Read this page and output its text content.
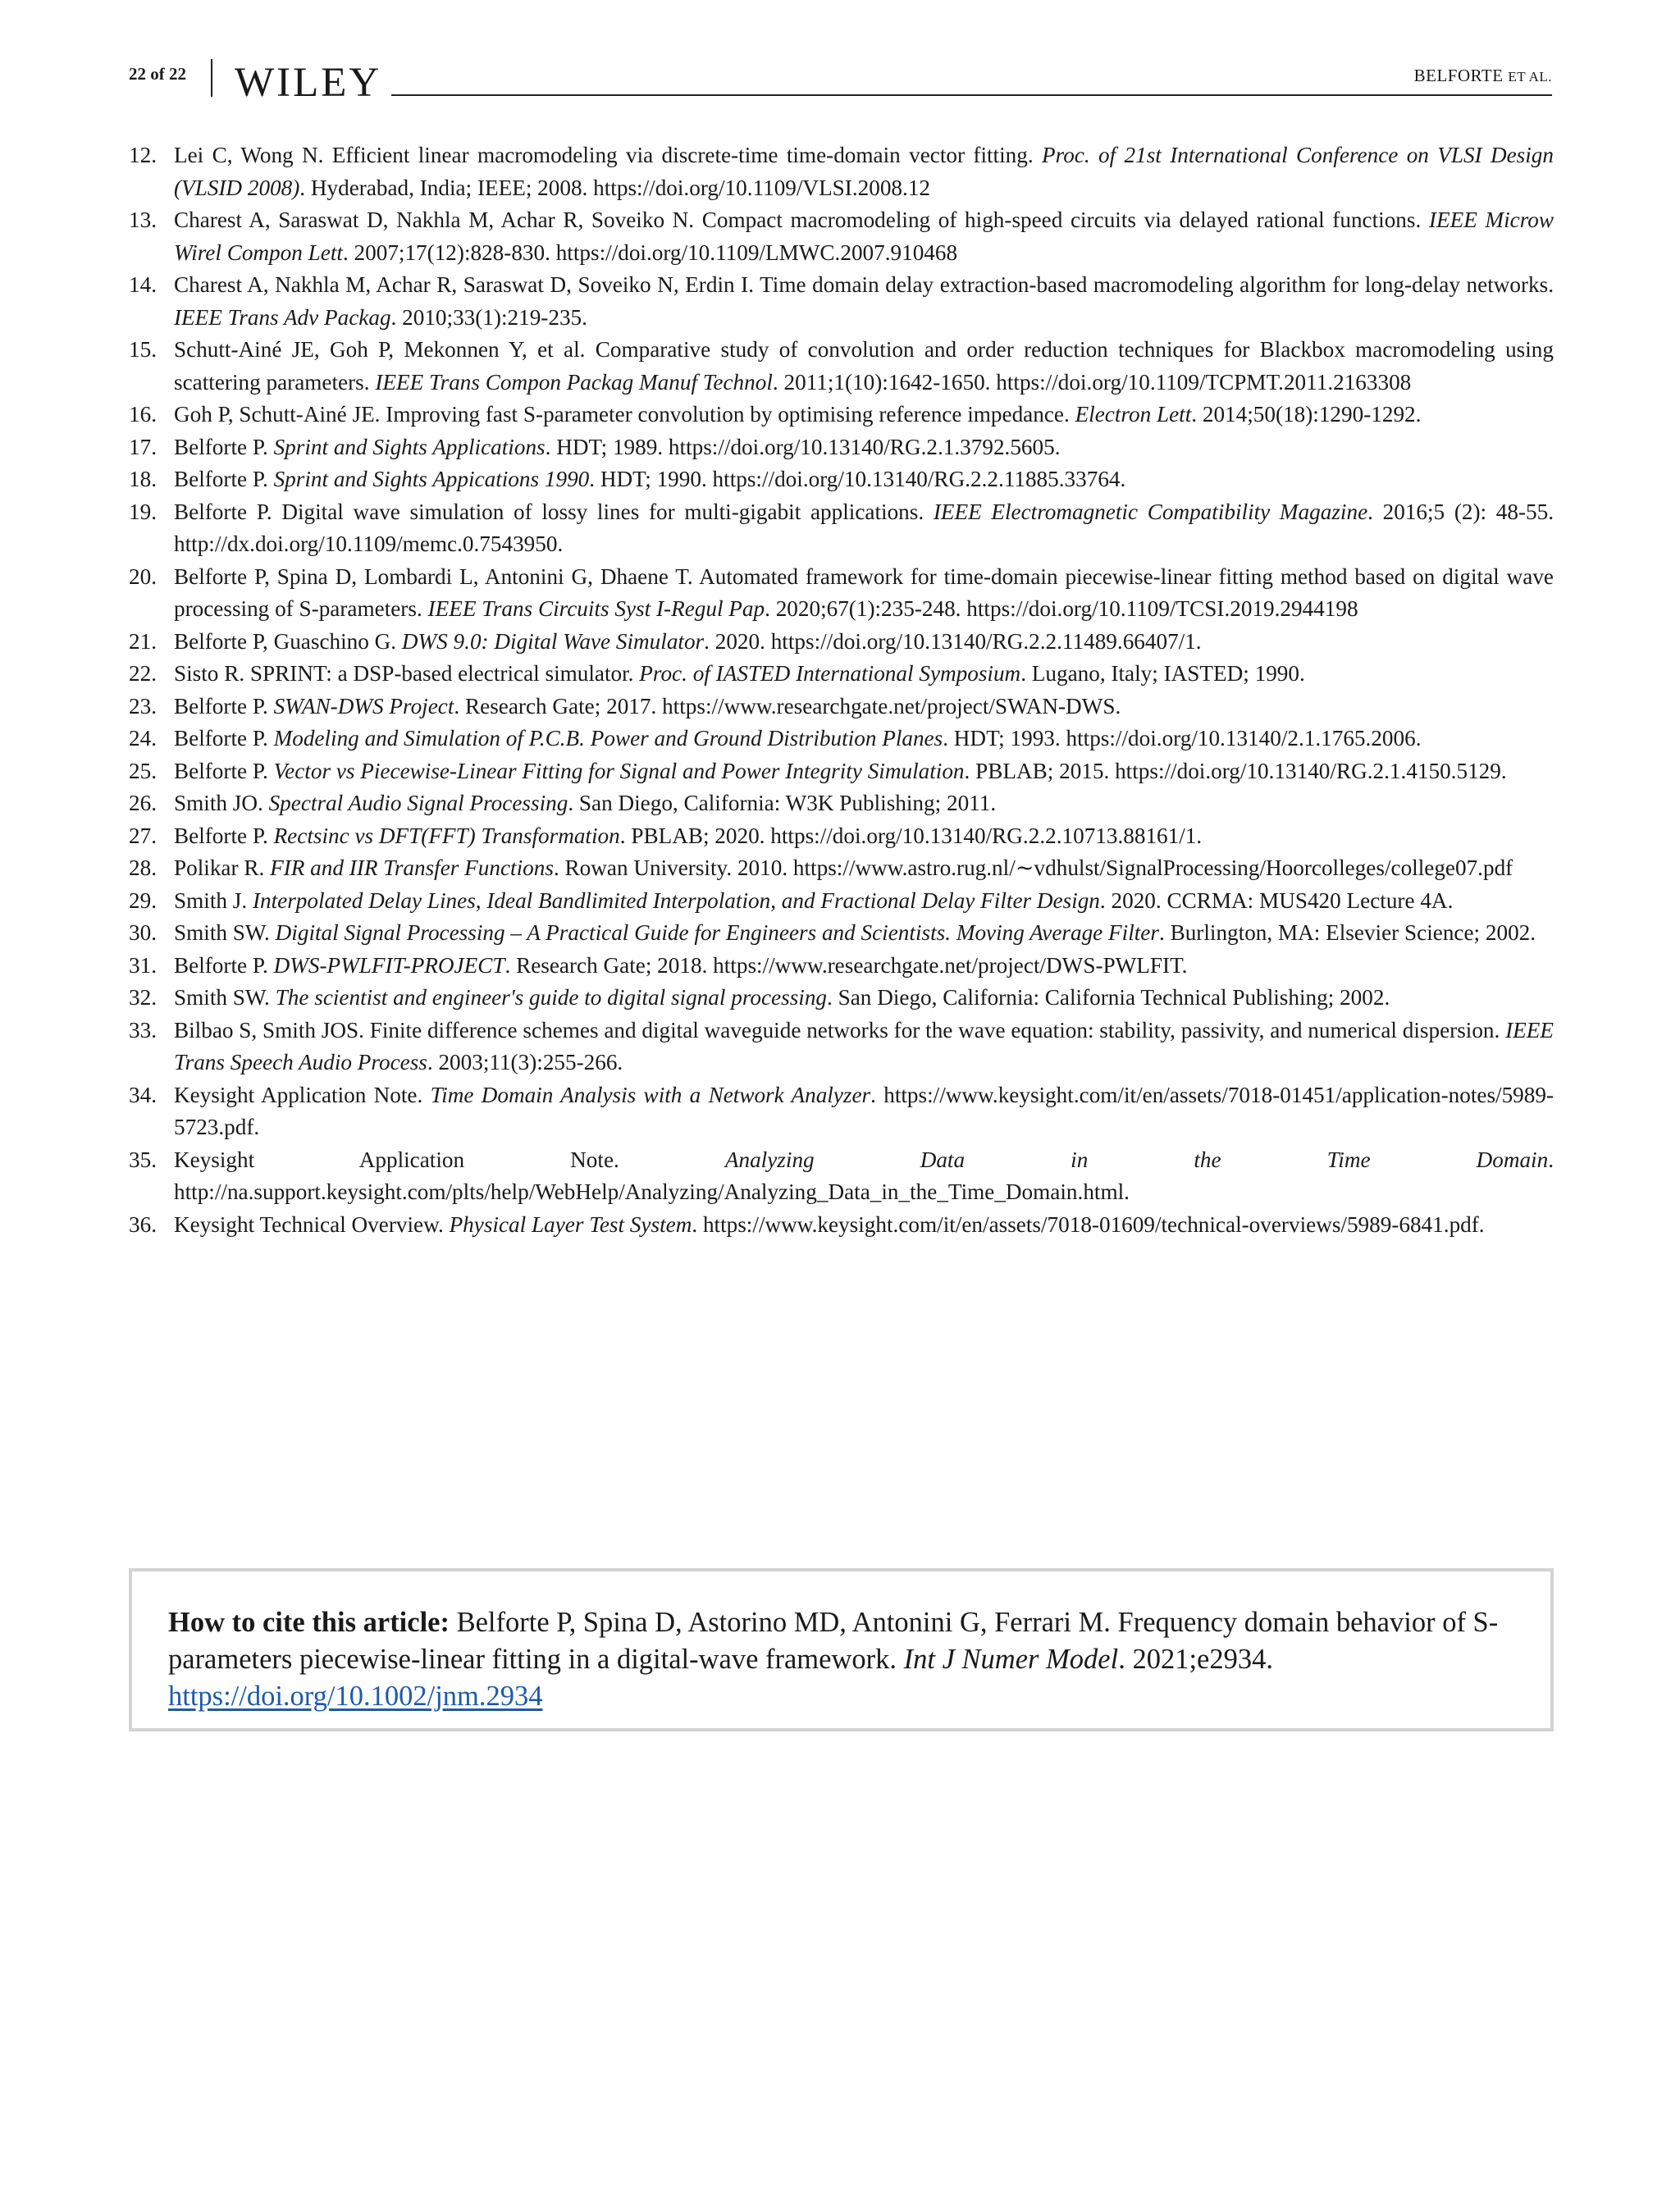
22 of 22 WILEY	BELFORTE ET AL.
12. Lei C, Wong N. Efficient linear macromodeling via discrete-time time-domain vector fitting. Proc. of 21st International Conference on VLSI Design (VLSID 2008). Hyderabad, India; IEEE; 2008. https://doi.org/10.1109/VLSI.2008.12
13. Charest A, Saraswat D, Nakhla M, Achar R, Soveiko N. Compact macromodeling of high-speed circuits via delayed rational functions. IEEE Microw Wirel Compon Lett. 2007;17(12):828-830. https://doi.org/10.1109/LMWC.2007.910468
14. Charest A, Nakhla M, Achar R, Saraswat D, Soveiko N, Erdin I. Time domain delay extraction-based macromodeling algorithm for long-delay networks. IEEE Trans Adv Packag. 2010;33(1):219-235.
15. Schutt-Ainé JE, Goh P, Mekonnen Y, et al. Comparative study of convolution and order reduction techniques for Blackbox macromodeling using scattering parameters. IEEE Trans Compon Packag Manuf Technol. 2011;1(10):1642-1650. https://doi.org/10.1109/TCPMT.2011.2163308
16. Goh P, Schutt-Ainé JE. Improving fast S-parameter convolution by optimising reference impedance. Electron Lett. 2014;50(18):1290-1292.
17. Belforte P. Sprint and Sights Applications. HDT; 1989. https://doi.org/10.13140/RG.2.1.3792.5605.
18. Belforte P. Sprint and Sights Appications 1990. HDT; 1990. https://doi.org/10.13140/RG.2.2.11885.33764.
19. Belforte P. Digital wave simulation of lossy lines for multi-gigabit applications. IEEE Electromagnetic Compatibility Magazine. 2016;5 (2): 48-55. http://dx.doi.org/10.1109/memc.0.7543950.
20. Belforte P, Spina D, Lombardi L, Antonini G, Dhaene T. Automated framework for time-domain piecewise-linear fitting method based on digital wave processing of S-parameters. IEEE Trans Circuits Syst I-Regul Pap. 2020;67(1):235-248. https://doi.org/10.1109/TCSI.2019.2944198
21. Belforte P, Guaschino G. DWS 9.0: Digital Wave Simulator. 2020. https://doi.org/10.13140/RG.2.2.11489.66407/1.
22. Sisto R. SPRINT: a DSP-based electrical simulator. Proc. of IASTED International Symposium. Lugano, Italy; IASTED; 1990.
23. Belforte P. SWAN-DWS Project. Research Gate; 2017. https://www.researchgate.net/project/SWAN-DWS.
24. Belforte P. Modeling and Simulation of P.C.B. Power and Ground Distribution Planes. HDT; 1993. https://doi.org/10.13140/2.1.1765.2006.
25. Belforte P. Vector vs Piecewise-Linear Fitting for Signal and Power Integrity Simulation. PBLAB; 2015. https://doi.org/10.13140/RG.2.1.4150.5129.
26. Smith JO. Spectral Audio Signal Processing. San Diego, California: W3K Publishing; 2011.
27. Belforte P. Rectsinc vs DFT(FFT) Transformation. PBLAB; 2020. https://doi.org/10.13140/RG.2.2.10713.88161/1.
28. Polikar R. FIR and IIR Transfer Functions. Rowan University. 2010. https://www.astro.rug.nl/∼vdhulst/SignalProcessing/Hoorcolleges/college07.pdf
29. Smith J. Interpolated Delay Lines, Ideal Bandlimited Interpolation, and Fractional Delay Filter Design. 2020. CCRMA: MUS420 Lecture 4A.
30. Smith SW. Digital Signal Processing – A Practical Guide for Engineers and Scientists. Moving Average Filter. Burlington, MA: Elsevier Science; 2002.
31. Belforte P. DWS-PWLFIT-PROJECT. Research Gate; 2018. https://www.researchgate.net/project/DWS-PWLFIT.
32. Smith SW. The scientist and engineer's guide to digital signal processing. San Diego, California: California Technical Publishing; 2002.
33. Bilbao S, Smith JOS. Finite difference schemes and digital waveguide networks for the wave equation: stability, passivity, and numerical dispersion. IEEE Trans Speech Audio Process. 2003;11(3):255-266.
34. Keysight Application Note. Time Domain Analysis with a Network Analyzer. https://www.keysight.com/it/en/assets/7018-01451/application-notes/5989-5723.pdf.
35. Keysight Application Note. Analyzing Data in the Time Domain. http://na.support.keysight.com/plts/help/WebHelp/Analyzing/Analyzing_Data_in_the_Time_Domain.html.
36. Keysight Technical Overview. Physical Layer Test System. https://www.keysight.com/it/en/assets/7018-01609/technical-overviews/5989-6841.pdf.
How to cite this article: Belforte P, Spina D, Astorino MD, Antonini G, Ferrari M. Frequency domain behavior of S-parameters piecewise-linear fitting in a digital-wave framework. Int J Numer Model. 2021;e2934. https://doi.org/10.1002/jnm.2934
